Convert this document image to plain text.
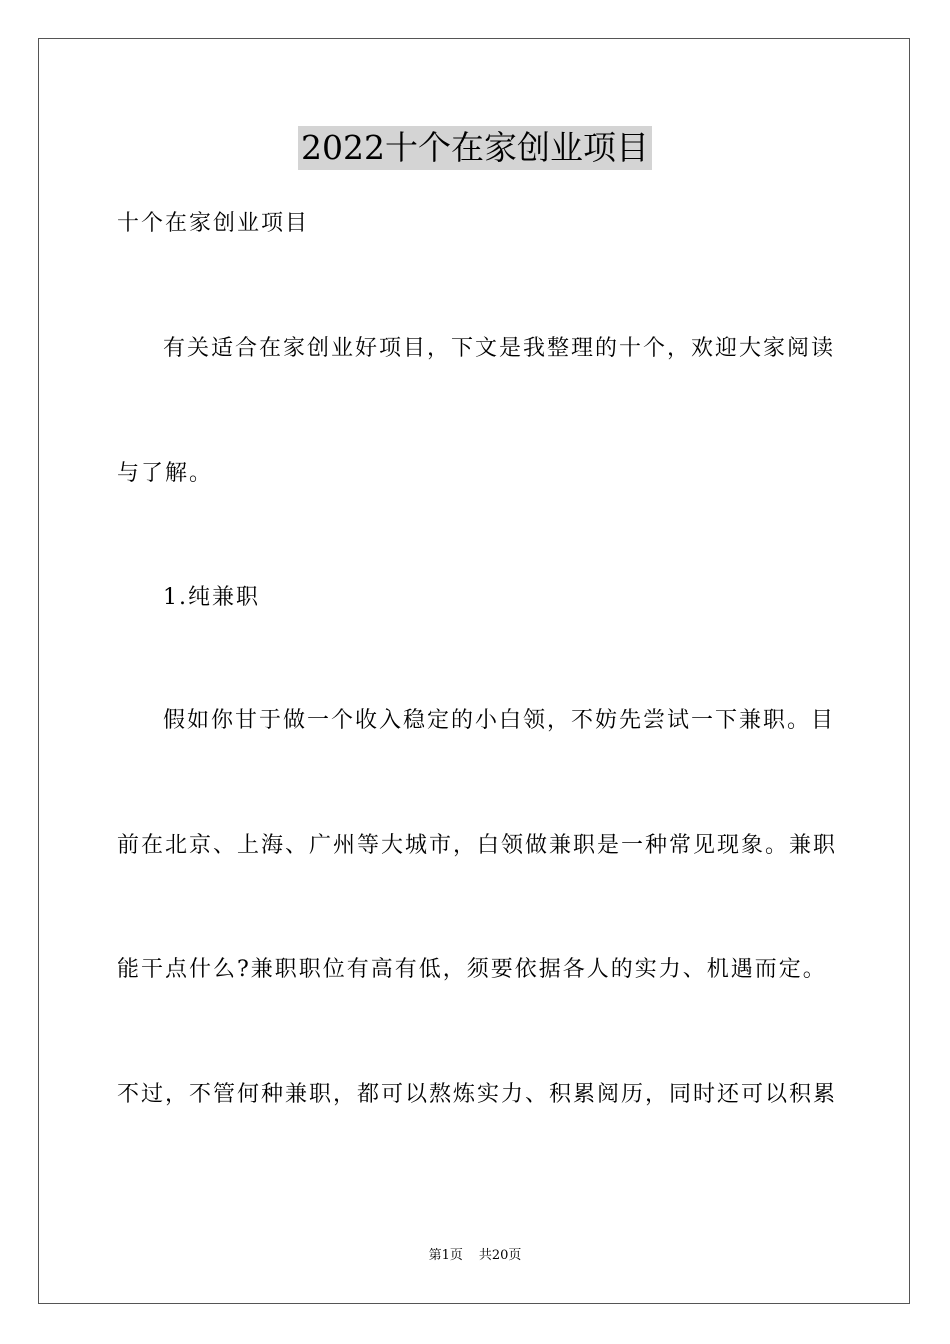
2022十个在家创业项目
十个在家创业项目
有关适合在家创业好项目，下文是我整理的十个，欢迎大家阅读
与了解。
1.纯兼职
假如你甘于做一个收入稳定的小白领，不妨先尝试一下兼职。目
前在北京、上海、广州等大城市，白领做兼职是一种常见现象。兼职
能干点什么?兼职职位有高有低，须要依据各人的实力、机遇而定。
不过，不管何种兼职，都可以熬炼实力、积累阅历，同时还可以积累
第1页 共20页
